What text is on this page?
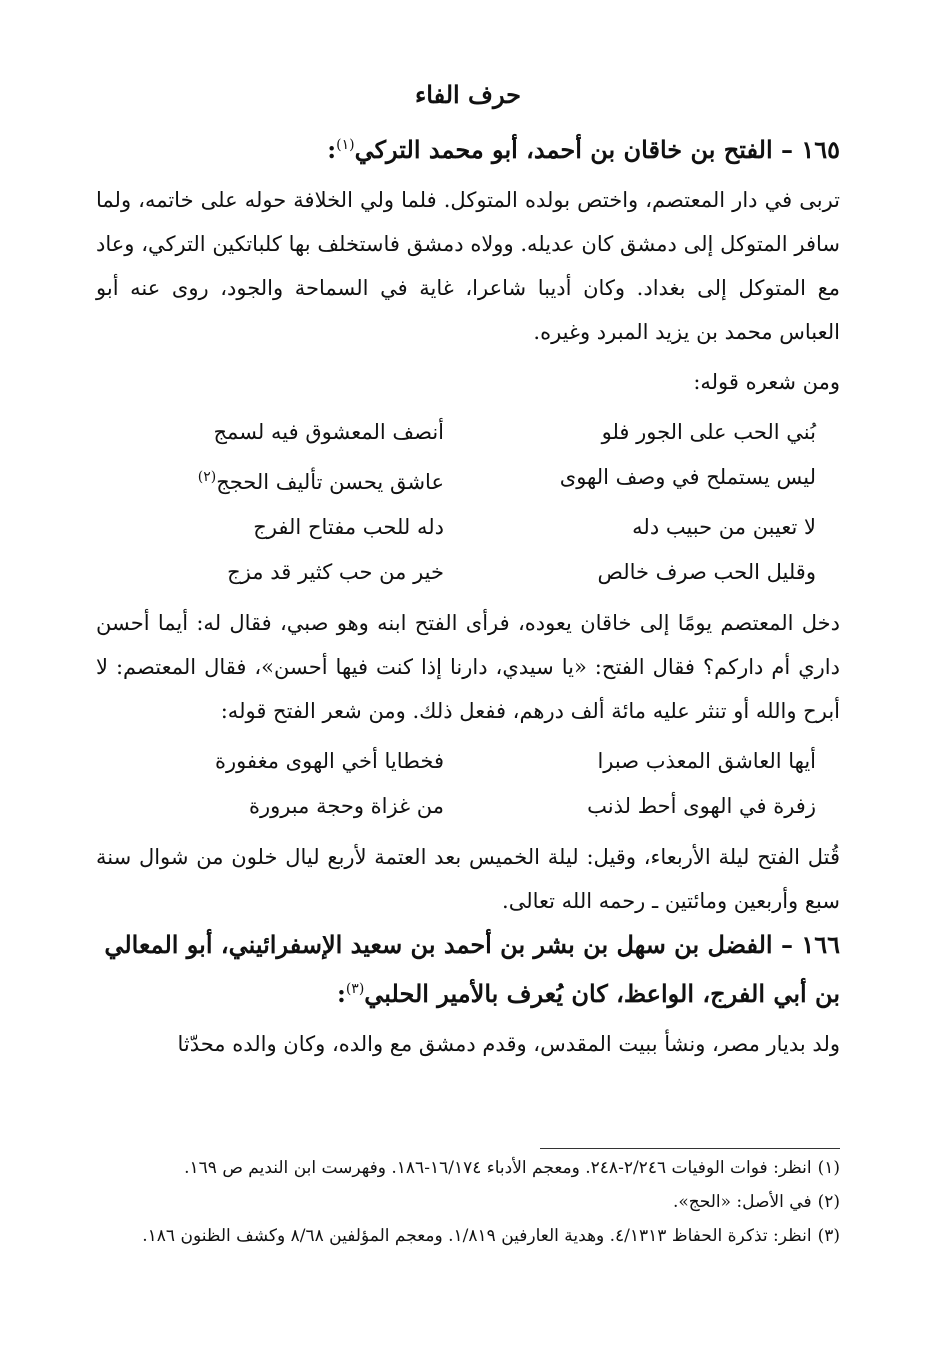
حرف الفاء

١٦٥ – الفتح بن خاقان بن أحمد، أبو محمد التركي$^{(١)}$:

تربى في دار المعتصم، واختص بولده المتوكل. فلما ولي الخلافة حوله على خاتمه، ولما سافر المتوكل إلى دمشق كان عديله. وولاه دمشق فاستخلف بها كلباتكين التركي، وعاد مع المتوكل إلى بغداد. وكان أديبا شاعرا، غاية في السماحة والجود، روى عنه أبو العباس محمد بن يزيد المبرد وغيره.

ومن شعره قوله:

بُني الحب على الجور فلو
أنصف المعشوق فيه لسمج
ليس يستملح في وصف الهوى
عاشق يحسن تأليف الحجج$^{(٢)}$
لا تعيبن من حبيب دله
دله للحب مفتاح الفرج
وقليل الحب صرف خالص
خير من حب كثير قد مزج

دخل المعتصم يومًا إلى خاقان يعوده، فرأى الفتح ابنه وهو صبي، فقال له: أيما أحسن داري أم داركم؟ فقال الفتح: «يا سيدي، دارنا إذا كنت فيها أحسن»، فقال المعتصم: لا أبرح والله أو تنثر عليه مائة ألف درهم، ففعل ذلك. ومن شعر الفتح قوله:

أيها العاشق المعذب صبرا
فخطايا أخي الهوى مغفورة
زفرة في الهوى أحط لذنب
من غزاة وحجة مبرورة

قُتل الفتح ليلة الأربعاء، وقيل: ليلة الخميس بعد العتمة لأربع ليال خلون من شوال سنة سبع وأربعين ومائتين ـ رحمه الله تعالى.

١٦٦ – الفضل بن سهل بن بشر بن أحمد بن سعيد الإسفرائيني، أبو المعالي بن أبي الفرج، الواعظ، كان يُعرف بالأمير الحلبي$^{(٣)}$:

ولد بديار مصر، ونشأ ببيت المقدس، وقدم دمشق مع والده، وكان والده محدّثا

(١)انظر: فوات الوفيات ٢/٢٤٦-٢٤٨. ومعجم الأدباء ١٦/١٧٤-١٨٦. وفهرست ابن النديم ص ١٦٩.

(٢)في الأصل: «الحج».

(٣)انظر: تذكرة الحفاظ ٤/١٣١٣. وهدية العارفين ١/٨١٩. ومعجم المؤلفين ٨/٦٨ وكشف الظنون ١٨٦.
